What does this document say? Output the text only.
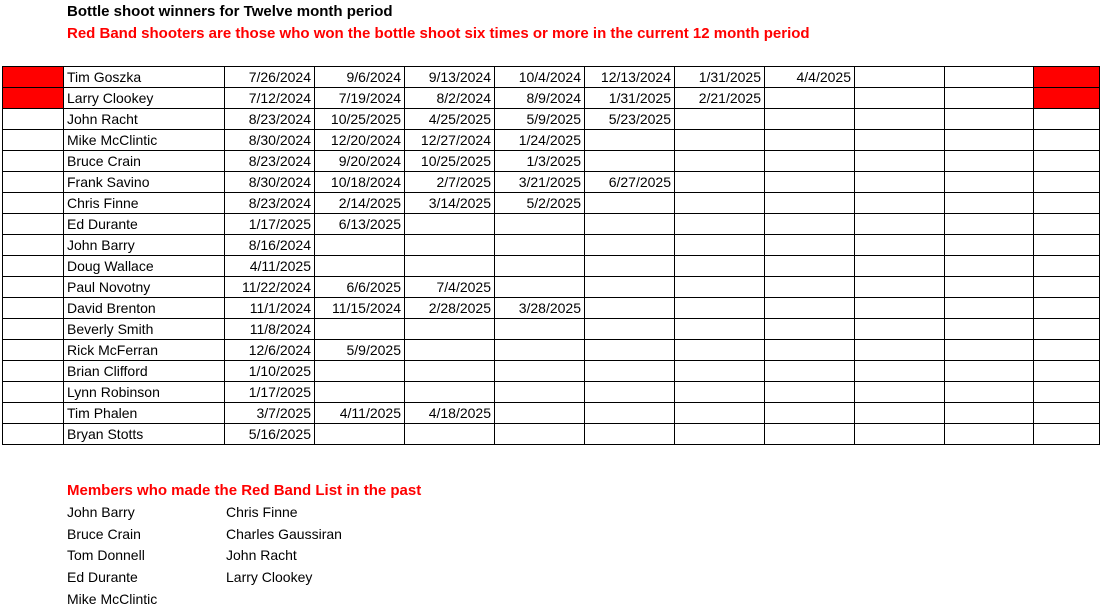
Bottle shoot winners for Twelve month period
Red Band shooters are those who won the bottle shoot six times or more in the current 12 month period
	Tim Goszka	7/26/2024	9/6/2024	9/13/2024	10/4/2024	12/13/2024	1/31/2025	4/4/2025			
	Larry Clookey	7/12/2024	7/19/2024	8/2/2024	8/9/2024	1/31/2025	2/21/2025				
	John Racht	8/23/2024	10/25/2025	4/25/2025	5/9/2025	5/23/2025					
	Mike McClintic	8/30/2024	12/20/2024	12/27/2024	1/24/2025						
	Bruce Crain	8/23/2024	9/20/2024	10/25/2025	1/3/2025						
	Frank Savino	8/30/2024	10/18/2024	2/7/2025	3/21/2025	6/27/2025					
	Chris Finne	8/23/2024	2/14/2025	3/14/2025	5/2/2025						
	Ed Durante	1/17/2025	6/13/2025								
	John Barry	8/16/2024									
	Doug Wallace	4/11/2025									
	Paul Novotny	11/22/2024	6/6/2025	7/4/2025							
	David Brenton	11/1/2024	11/15/2024	2/28/2025	3/28/2025						
	Beverly Smith	11/8/2024									
	Rick McFerran	12/6/2024	5/9/2025								
	Brian Clifford	1/10/2025									
	Lynn Robinson	1/17/2025									
	Tim Phalen	3/7/2025	4/11/2025	4/18/2025							
	Bryan Stotts	5/16/2025									
Members who made the Red Band List in the past
John Barry
Bruce Crain
Tom Donnell
Ed Durante
Mike McClintic
Chris Finne
Charles Gaussiran
John Racht
Larry Clookey
